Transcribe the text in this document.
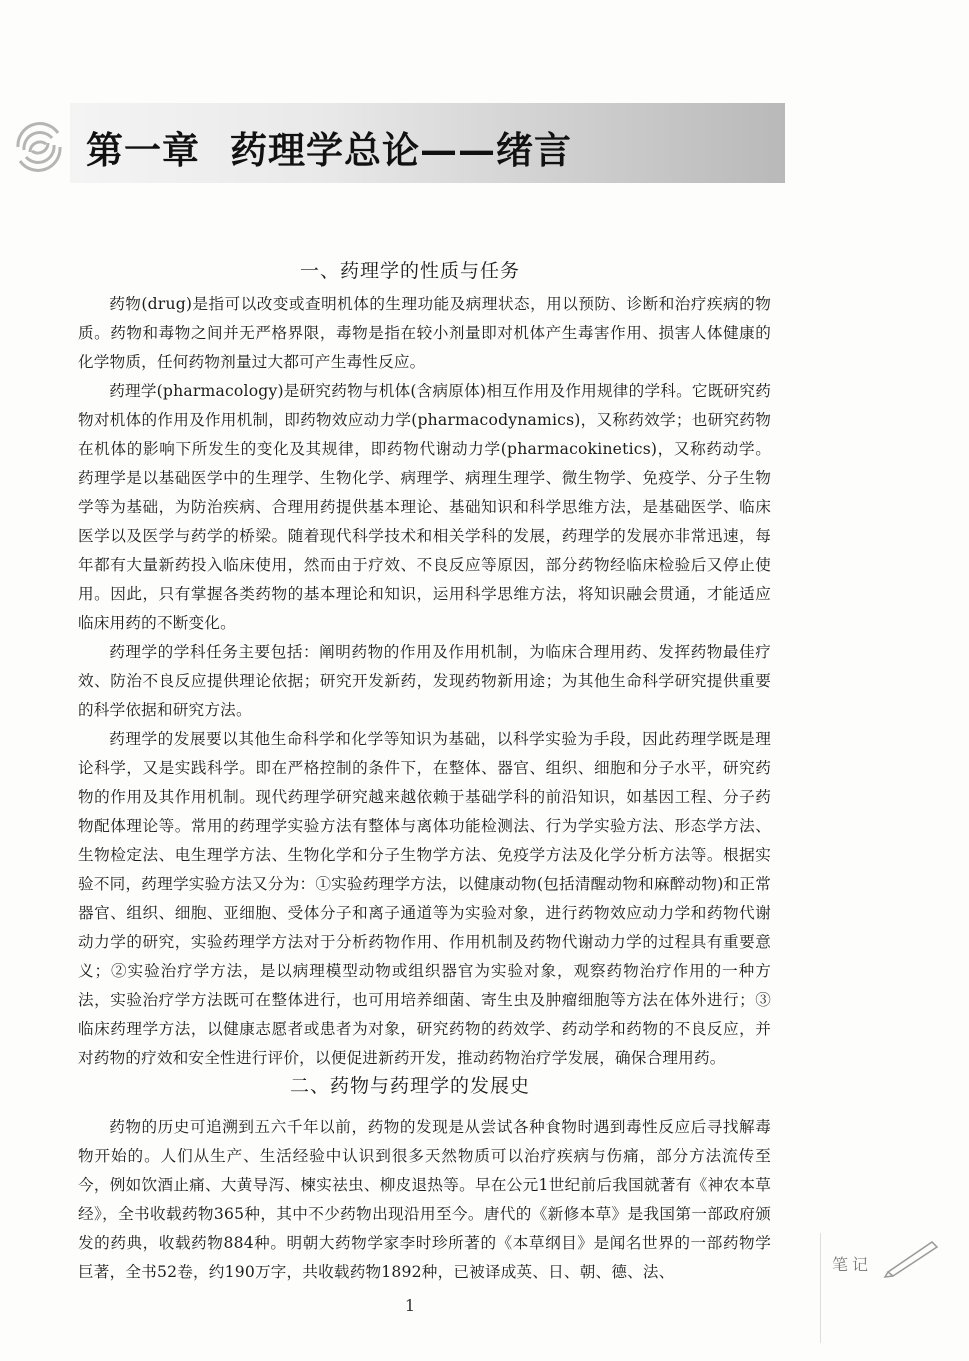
第一章 药理学总论——绪言
一、药理学的性质与任务

药物(drug)是指可以改变或查明机体的生理功能及病理状态，用以预防、诊断和治疗疾病的物质。药物和毒物之间并无严格界限，毒物是指在较小剂量即对机体产生毒害作用、损害人体健康的化学物质，任何药物剂量过大都可产生毒性反应。

药理学(pharmacology)是研究药物与机体(含病原体)相互作用及作用规律的学科。它既研究药物对机体的作用及作用机制，即药物效应动力学(pharmacodynamics)，又称药效学；也研究药物在机体的影响下所发生的变化及其规律，即药物代谢动力学(pharmacokinetics)，又称药动学。药理学是以基础医学中的生理学、生物化学、病理学、病理生理学、微生物学、免疫学、分子生物学等为基础，为防治疾病、合理用药提供基本理论、基础知识和科学思维方法，是基础医学、临床医学以及医学与药学的桥梁。随着现代科学技术和相关学科的发展，药理学的发展亦非常迅速，每年都有大量新药投入临床使用，然而由于疗效、不良反应等原因，部分药物经临床检验后又停止使用。因此，只有掌握各类药物的基本理论和知识，运用科学思维方法，将知识融会贯通，才能适应临床用药的不断变化。

药理学的学科任务主要包括：阐明药物的作用及作用机制，为临床合理用药、发挥药物最佳疗效、防治不良反应提供理论依据；研究开发新药，发现药物新用途；为其他生命科学研究提供重要的科学依据和研究方法。

药理学的发展要以其他生命科学和化学等知识为基础，以科学实验为手段，因此药理学既是理论科学，又是实践科学。即在严格控制的条件下，在整体、器官、组织、细胞和分子水平，研究药物的作用及其作用机制。现代药理学研究越来越依赖于基础学科的前沿知识，如基因工程、分子药物配体理论等。常用的药理学实验方法有整体与离体功能检测法、行为学实验方法、形态学方法、生物检定法、电生理学方法、生物化学和分子生物学方法、免疫学方法及化学分析方法等。根据实验不同，药理学实验方法又分为：①实验药理学方法，以健康动物(包括清醒动物和麻醉动物)和正常器官、组织、细胞、亚细胞、受体分子和离子通道等为实验对象，进行药物效应动力学和药物代谢动力学的研究，实验药理学方法对于分析药物作用、作用机制及药物代谢动力学的过程具有重要意义；②实验治疗学方法，是以病理模型动物或组织器官为实验对象，观察药物治疗作用的一种方法，实验治疗学方法既可在整体进行，也可用培养细菌、寄生虫及肿瘤细胞等方法在体外进行；③临床药理学方法，以健康志愿者或患者为对象，研究药物的药效学、药动学和药物的不良反应，并对药物的疗效和安全性进行评价，以便促进新药开发，推动药物治疗学发展，确保合理用药。

二、药物与药理学的发展史

药物的历史可追溯到五六千年以前，药物的发现是从尝试各种食物时遇到毒性反应后寻找解毒物开始的。人们从生产、生活经验中认识到很多天然物质可以治疗疾病与伤痛，部分方法流传至今，例如饮酒止痛、大黄导泻、楝实祛虫、柳皮退热等。早在公元1世纪前后我国就著有《神农本草经》，全书收载药物365种，其中不少药物出现沿用至今。唐代的《新修本草》是我国第一部政府颁发的药典，收载药物884种。明朝大药物学家李时珍所著的《本草纲目》是闻名世界的一部药物学巨著，全书52卷，约190万字，共收载药物1892种，已被译成英、日、朝、德、法、	笔记
1
